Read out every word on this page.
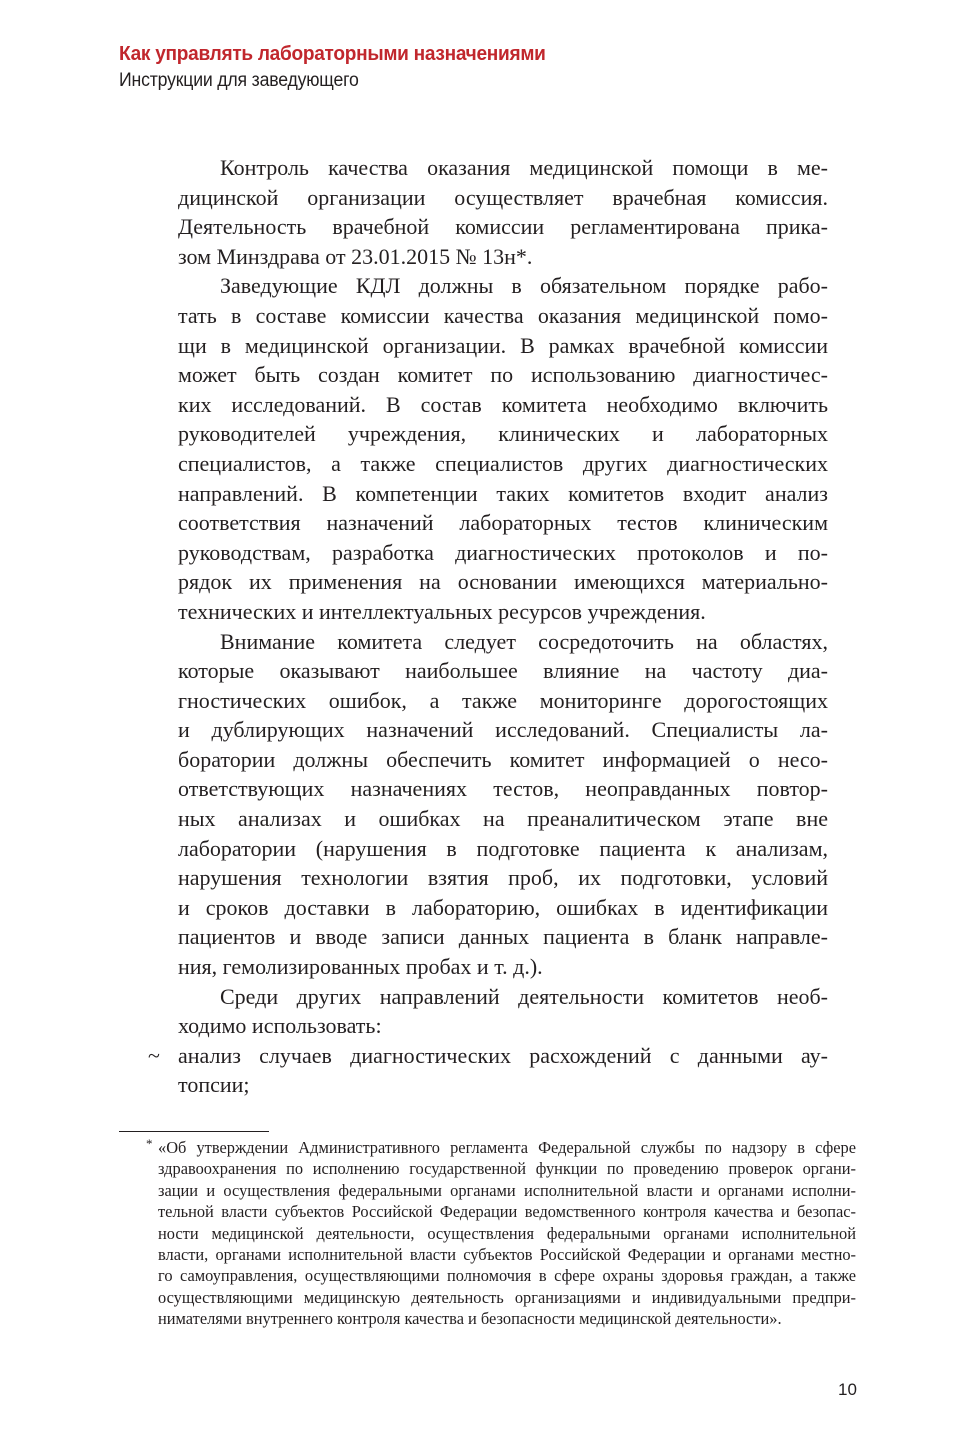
Как управлять лабораторными назначениями
Инструкции для заведующего
Контроль качества оказания медицинской помощи в ме-
дицинской организации осуществляет врачебная комиссия.
Деятельность врачебной комиссии регламентирована прика-
зом Минздрава от 23.01.2015 № 13н*.
Заведующие КДЛ должны в обязательном порядке рабо-
тать в составе комиссии качества оказания медицинской помо-
щи в медицинской организации. В рамках врачебной комиссии
может быть создан комитет по использованию диагностичес-
ких исследований. В состав комитета необходимо включить
руководителей учреждения, клинических и лабораторных
специалистов, а также специалистов других диагностических
направлений. В компетенции таких комитетов входит анализ
соответствия назначений лабораторных тестов клиническим
руководствам, разработка диагностических протоколов и по-
рядок их применения на основании имеющихся материально-
технических и интеллектуальных ресурсов учреждения.
Внимание комитета следует сосредоточить на областях,
которые оказывают наибольшее влияние на частоту диа-
гностических ошибок, а также мониторинге дорогостоящих
и дублирующих назначений исследований. Специалисты ла-
боратории должны обеспечить комитет информацией о несо-
ответствующих назначениях тестов, неоправданных повтор-
ных анализах и ошибках на преаналитическом этапе вне
лаборатории (нарушения в подготовке пациента к анализам,
нарушения технологии взятия проб, их подготовки, условий
и сроков доставки в лабораторию, ошибках в идентификации
пациентов и вводе записи данных пациента в бланк направле-
ния, гемолизированных пробах и т. д.).
Среди других направлений деятельности комитетов необ-
ходимо использовать:
анализ случаев диагностических расхождений с данными ау-
топсии;
~
* «Об утверждении Административного регламента Федеральной службы по надзору в сфере
здравоохранения по исполнению государственной функции по проведению проверок органи-
зации и осуществления федеральными органами исполнительной власти и органами исполни-
тельной власти субъектов Российской Федерации ведомственного контроля качества и безопас-
ности медицинской деятельности, осуществления федеральными органами исполнительной
власти, органами исполнительной власти субъектов Российской Федерации и органами местно-
го самоуправления, осуществляющими полномочия в сфере охраны здоровья граждан, а также
осуществляющими медицинскую деятельность организациями и индивидуальными предпри-
нимателями внутреннего контроля качества и безопасности медицинской деятельности».
10
